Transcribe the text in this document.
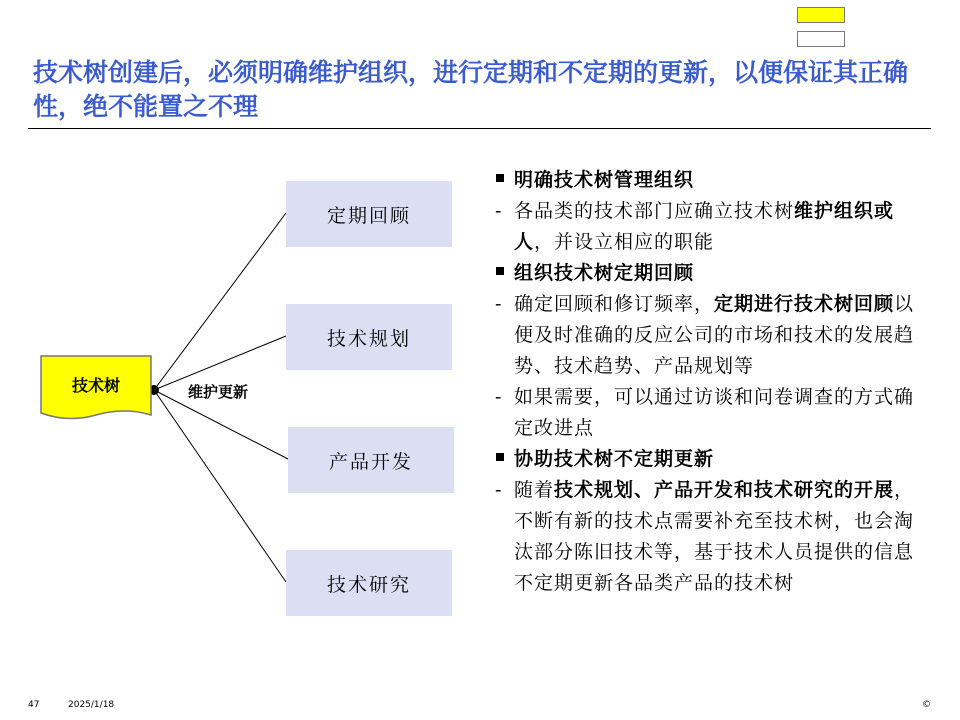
技术树创建后，必须明确维护组织，进行定期和不定期的更新，以便保证其正确性，绝不能置之不理
技术树	维护更新
定期回顾
技术规划
产品开发
技术研究
明确技术树管理组织
- 各品类的技术部门应确立技术树维护组织或人，并设立相应的职能
组织技术树定期回顾
- 确定回顾和修订频率，定期进行技术树回顾以便及时准确的反应公司的市场和技术的发展趋势、技术趋势、产品规划等
- 如果需要，可以通过访谈和问卷调查的方式确定改进点
协助技术树不定期更新
- 随着技术规划、产品开发和技术研究的开展，不断有新的技术点需要补充至技术树，也会淘汰部分陈旧技术等，基于技术人员提供的信息不定期更新各品类产品的技术树
47	2025/1/18	©
